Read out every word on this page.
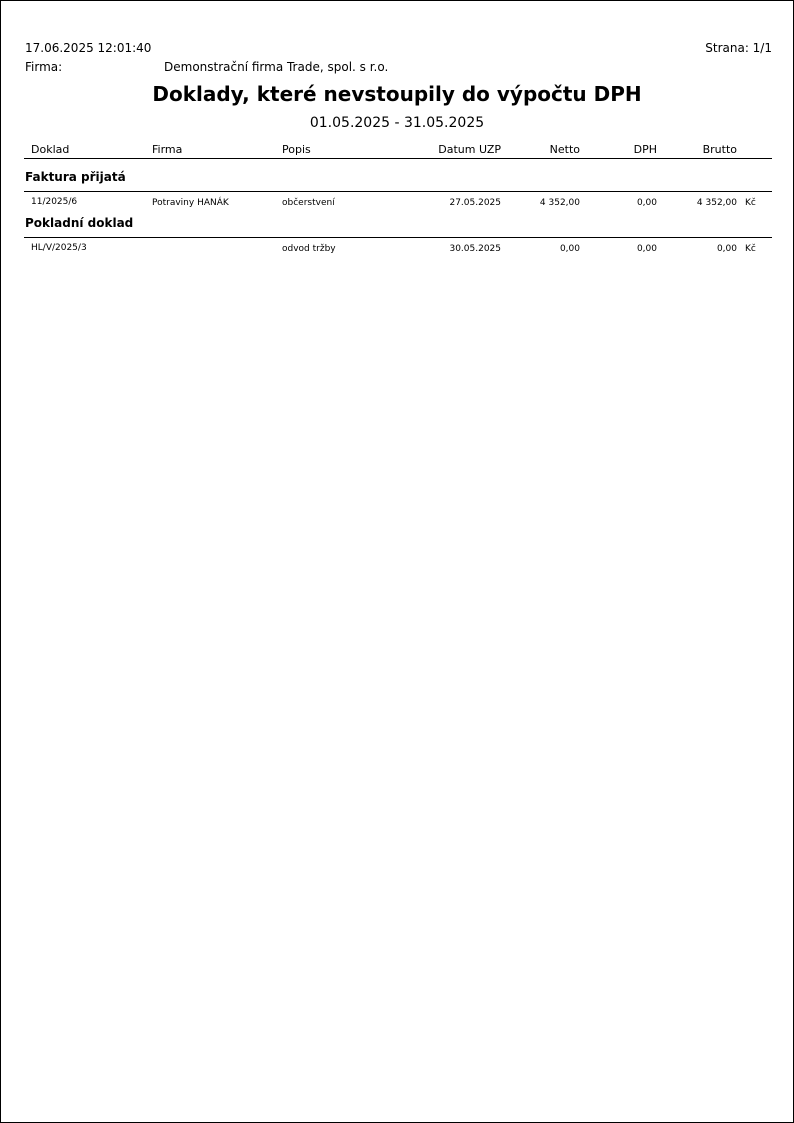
17.06.2025 12:01:40	Strana: 1/1
Firma:	Demonstrační firma Trade, spol. s r.o.
Doklady, které nevstoupily do výpočtu DPH
01.05.2025 - 31.05.2025
Doklad	Firma	Popis	Datum UZP	Netto	DPH	Brutto
Faktura přijatá
11/2025/6	Potraviny HANÁK	občerstvení	27.05.2025	4 352,00	0,00	4 352,00 Kč
Pokladní doklad
HL/V/2025/3	odvod tržby	30.05.2025	0,00	0,00	0,00 Kč
